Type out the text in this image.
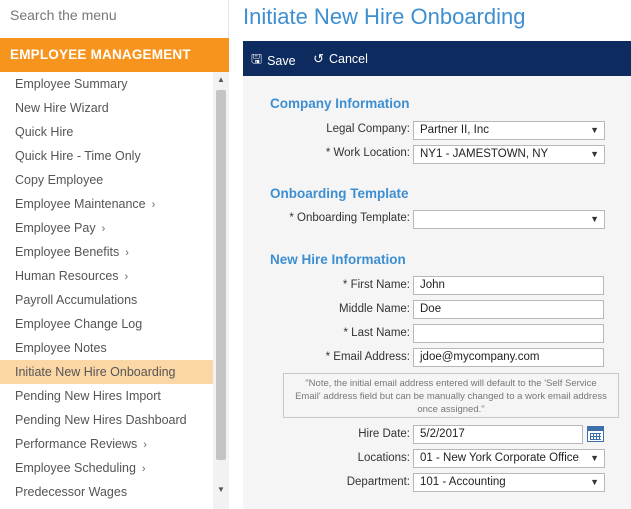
Search the menu
EMPLOYEE MANAGEMENT
Employee Summary
New Hire Wizard
Quick Hire
Quick Hire - Time Only
Copy Employee
Employee Maintenance ›
Employee Pay ›
Employee Benefits ›
Human Resources ›
Payroll Accumulations
Employee Change Log
Employee Notes
Initiate New Hire Onboarding
Pending New Hires Import
Pending New Hires Dashboard
Performance Reviews ›
Employee Scheduling ›
Predecessor Wages
▲
▼
Initiate New Hire Onboarding
🖫 Save
↺ Cancel
Company Information
Legal Company: Partner II, Inc	▼
* Work Location: NY1 - JAMESTOWN, NY	▼
Onboarding Template
* Onboarding Template:	▼
New Hire Information
* First Name: John
Middle Name: Doe
* Last Name:
* Email Address: jdoe@mycompany.com
"Note, the initial email address entered will default to the 'Self Service Email' address field but can be manually changed to a work email address once assigned."
Hire Date: 5/2/2017
Locations: 01 - New York Corporate Office ▼
Department: 101 - Accounting	▼
